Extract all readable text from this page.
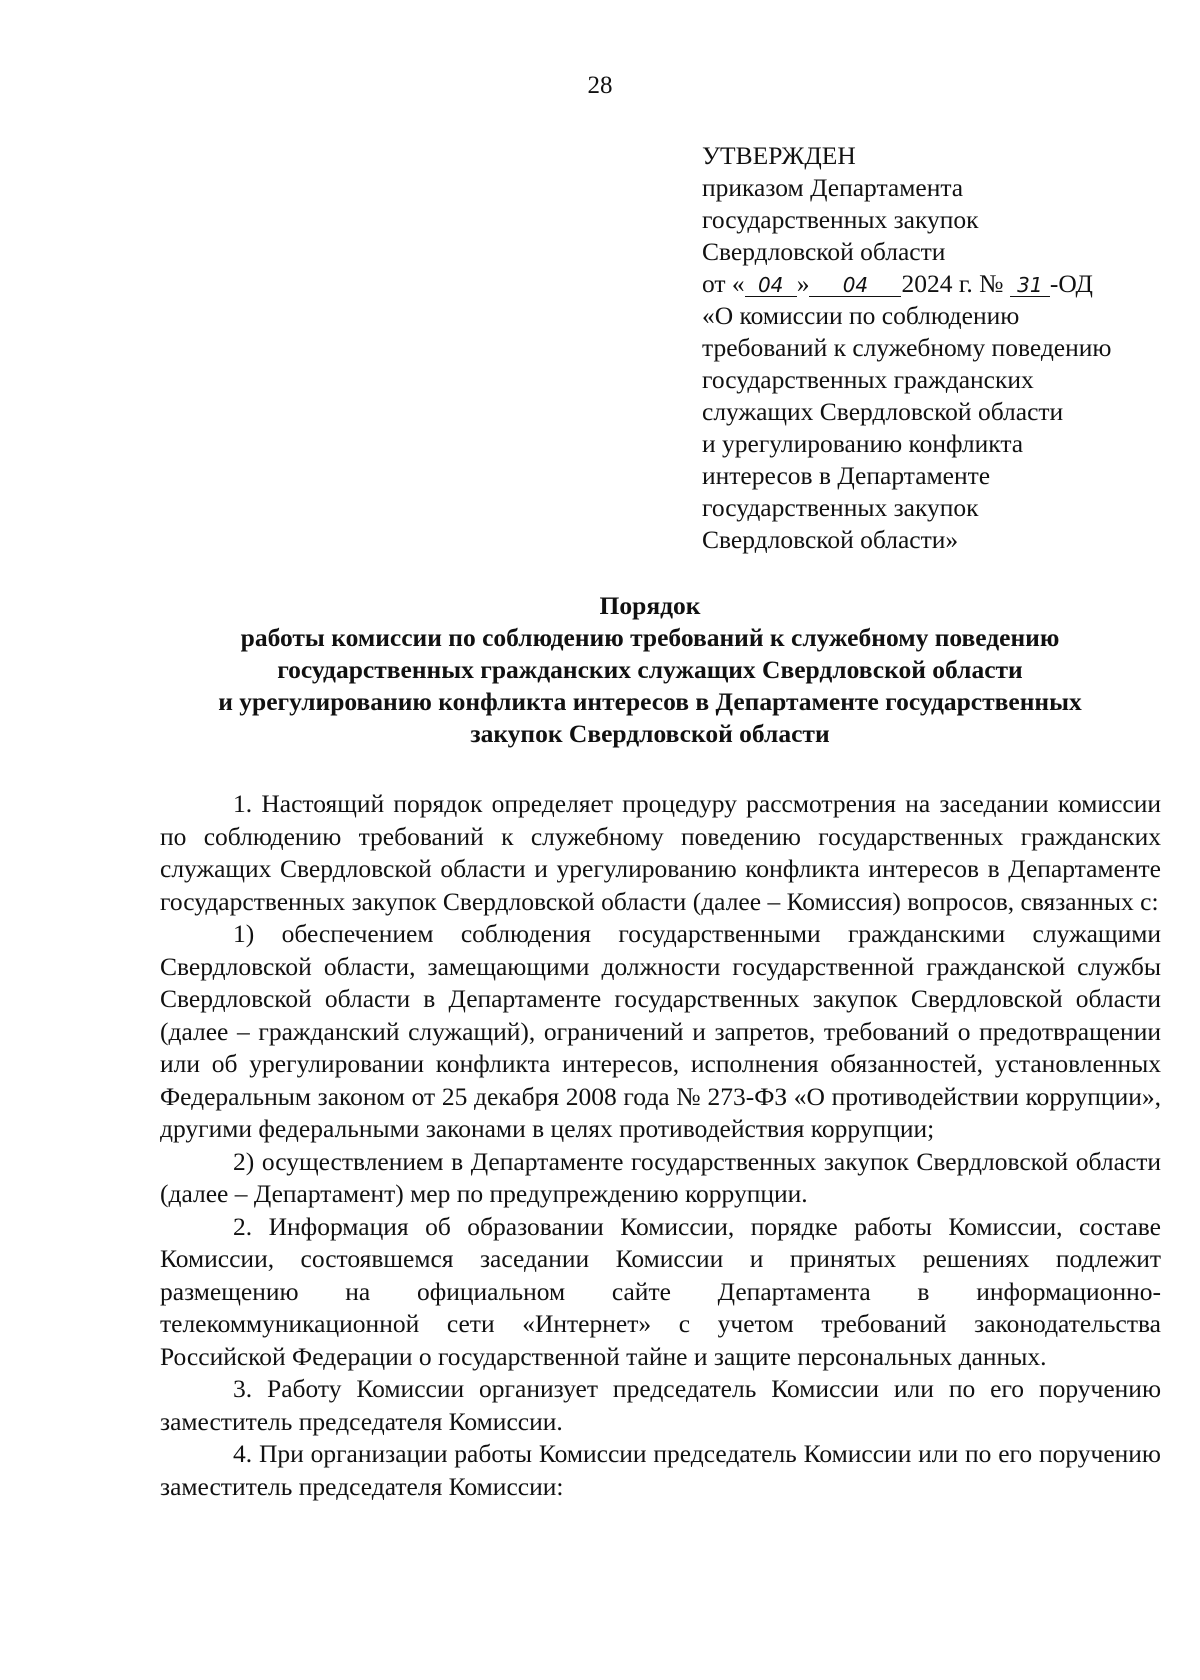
28
УТВЕРЖДЕН
приказом Департамента
государственных закупок
Свердловской области
от « 04 » 04 2024 г. № 31 -ОД
«О комиссии по соблюдению
требований к служебному поведению
государственных гражданских
служащих Свердловской области
и урегулированию конфликта
интересов в Департаменте
государственных закупок
Свердловской области»
Порядок
работы комиссии по соблюдению требований к служебному поведению
государственных гражданских служащих Свердловской области
и урегулированию конфликта интересов в Департаменте государственных
закупок Свердловской области

1. Настоящий порядок определяет процедуру рассмотрения на заседании комиссии по соблюдению требований к служебному поведению государственных гражданских служащих Свердловской области и урегулированию конфликта интересов в Департаменте государственных закупок Свердловской области (далее – Комиссия) вопросов, связанных с:

1) обеспечением соблюдения государственными гражданскими служащими Свердловской области, замещающими должности государственной гражданской службы Свердловской области в Департаменте государственных закупок Свердловской области (далее – гражданский служащий), ограничений и запретов, требований о предотвращении или об урегулировании конфликта интересов, исполнения обязанностей, установленных Федеральным законом от 25 декабря 2008 года № 273-ФЗ «О противодействии коррупции», другими федеральными законами в целях противодействия коррупции;

2) осуществлением в Департаменте государственных закупок Свердловской области (далее – Департамент) мер по предупреждению коррупции.

2. Информация об образовании Комиссии, порядке работы Комиссии, составе Комиссии, состоявшемся заседании Комиссии и принятых решениях подлежит размещению на официальном сайте Департамента в информационно-телекоммуникационной сети «Интернет» с учетом требований законодательства Российской Федерации о государственной тайне и защите персональных данных.

3. Работу Комиссии организует председатель Комиссии или по его поручению заместитель председателя Комиссии.

4. При организации работы Комиссии председатель Комиссии или по его поручению заместитель председателя Комиссии:
